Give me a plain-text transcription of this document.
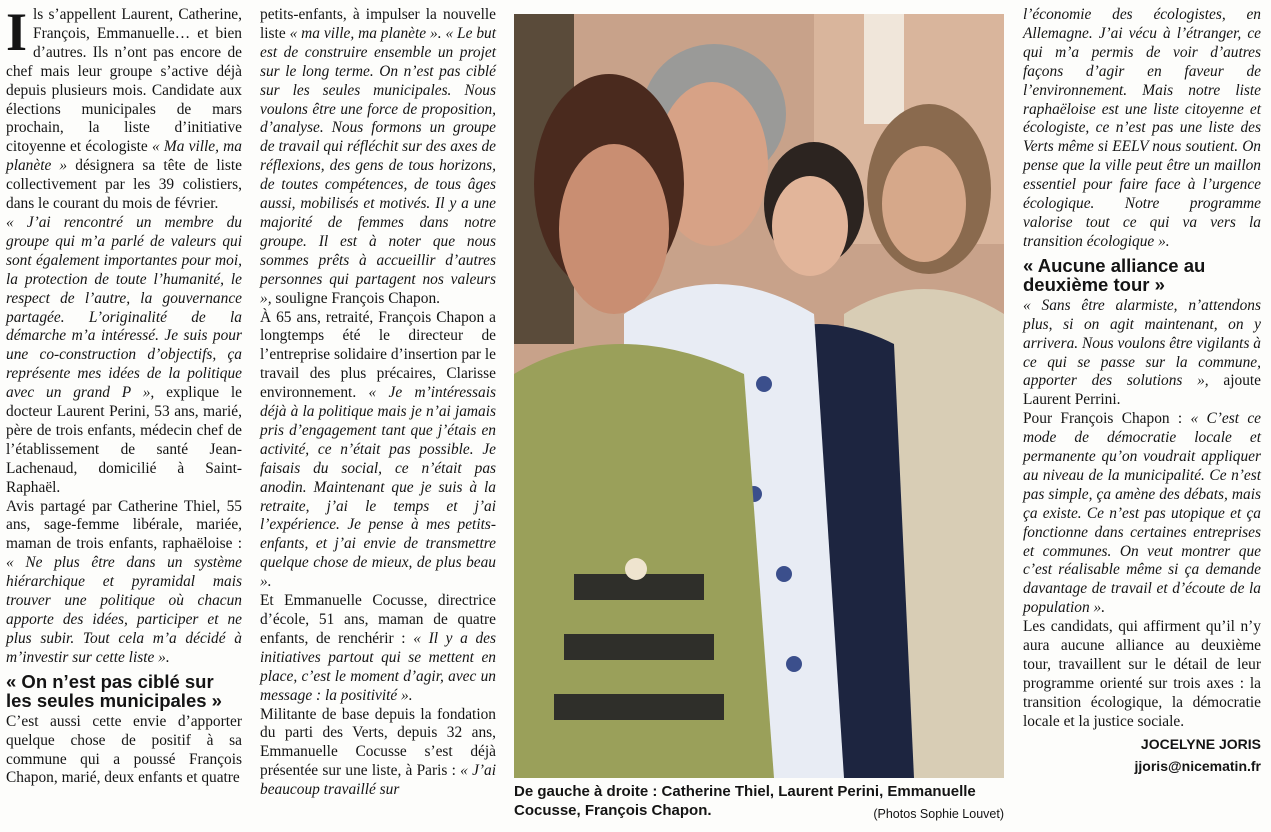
Ils s’appellent Laurent, Catherine, François, Emmanuelle… et bien d’autres. Ils n’ont pas encore de chef mais leur groupe s’active déjà depuis plusieurs mois. Candidate aux élections municipales de mars prochain, la liste d’initiative citoyenne et écologiste « Ma ville, ma planète » désignera sa tête de liste collectivement par les 39 colistiers, dans le courant du mois de février.

« J’ai rencontré un membre du groupe qui m’a parlé de valeurs qui sont également importantes pour moi, la protection de toute l’humanité, le respect de l’autre, la gouvernance partagée. L’originalité de la démarche m’a intéressé. Je suis pour une co-construction d’objectifs, ça représente mes idées de la politique avec un grand P », explique le docteur Laurent Perini, 53 ans, marié, père de trois enfants, médecin chef de l’établissement de santé Jean-Lachenaud, domicilié à Saint-Raphaël.

Avis partagé par Catherine Thiel, 55 ans, sage-femme libérale, mariée, maman de trois enfants, raphaëloise : « Ne plus être dans un système hiérarchique et pyramidal mais trouver une politique où chacun apporte des idées, participer et ne plus subir. Tout cela m’a décidé à m’investir sur cette liste ».

« On n’est pas ciblé sur les seules municipales »

C’est aussi cette envie d’apporter quelque chose de positif à sa commune qui a poussé François Chapon, marié, deux enfants et quatre

petits-enfants, à impulser la nouvelle liste « ma ville, ma planète ». « Le but est de construire ensemble un projet sur le long terme. On n’est pas ciblé sur les seules municipales. Nous voulons être une force de proposition, d’analyse. Nous formons un groupe de travail qui réfléchit sur des axes de réflexions, des gens de tous horizons, de toutes compétences, de tous âges aussi, mobilisés et motivés. Il y a une majorité de femmes dans notre groupe. Il est à noter que nous sommes prêts à accueillir d’autres personnes qui partagent nos valeurs », souligne François Chapon.

À 65 ans, retraité, François Chapon a longtemps été le directeur de l’entreprise solidaire d’insertion par le travail des plus précaires, Clarisse environnement. « Je m’intéressais déjà à la politique mais je n’ai jamais pris d’engagement tant que j’étais en activité, ce n’était pas possible. Je faisais du social, ce n’était pas anodin. Maintenant que je suis à la retraite, j’ai le temps et j’ai l’expérience. Je pense à mes petits-enfants, et j’ai envie de transmettre quelque chose de mieux, de plus beau ».

Et Emmanuelle Cocusse, directrice d’école, 51 ans, maman de quatre enfants, de renchérir : « Il y a des initiatives partout qui se mettent en place, c’est le moment d’agir, avec un message : la positivité ».

Militante de base depuis la fondation du parti des Verts, depuis 32 ans, Emmanuelle Cocusse s’est déjà présentée sur une liste, à Paris : « J’ai beaucoup travaillé sur	De gauche à droite : Catherine Thiel, Laurent Perini, Emmanuelle Cocusse, François Chapon.	(Photos Sophie Louvet)

l’économie des écologistes, en Allemagne. J’ai vécu à l’étranger, ce qui m’a permis de voir d’autres façons d’agir en faveur de l’environnement. Mais notre liste raphaëloise est une liste citoyenne et écologiste, ce n’est pas une liste des Verts même si EELV nous soutient. On pense que la ville peut être un maillon essentiel pour faire face à l’urgence écologique. Notre programme valorise tout ce qui va vers la transition écologique ».

« Aucune alliance au deuxième tour »

« Sans être alarmiste, n’attendons plus, si on agit maintenant, on y arrivera. Nous voulons être vigilants à ce qui se passe sur la commune, apporter des solutions », ajoute Laurent Perrini.

Pour François Chapon : « C’est ce mode de démocratie locale et permanente qu’on voudrait appliquer au niveau de la municipalité. Ce n’est pas simple, ça amène des débats, mais ça existe. Ce n’est pas utopique et ça fonctionne dans certaines entreprises et communes. On veut montrer que c’est réalisable même si ça demande davantage de travail et d’écoute de la population ».

Les candidats, qui affirment qu’il n’y aura aucune alliance au deuxième tour, travaillent sur le détail de leur programme orienté sur trois axes : la transition écologique, la démocratie locale et la justice sociale.

JOCELYNE JORIS
jjoris@nicematin.fr
